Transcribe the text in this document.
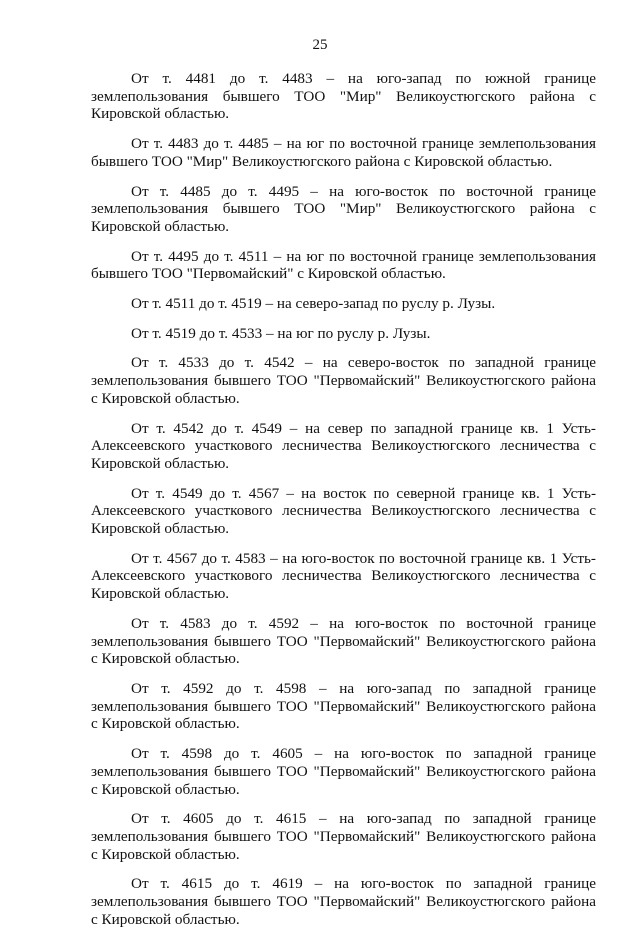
25

От т. 4481 до т. 4483 – на юго-запад по южной границе землепользования бывшего ТОО "Мир" Великоустюгского района с Кировской областью.

От т. 4483 до т. 4485 – на юг по восточной границе землепользования бывшего ТОО "Мир" Великоустюгского района с Кировской областью.

От т. 4485 до т. 4495 – на юго-восток по восточной границе землепользования бывшего ТОО "Мир" Великоустюгского района с Кировской областью.

От т. 4495 до т. 4511 – на юг по восточной границе землепользования бывшего ТОО "Первомайский" с Кировской областью.

От т. 4511 до т. 4519 – на северо-запад по руслу р. Лузы.

От т. 4519 до т. 4533 – на юг по руслу р. Лузы.

От т. 4533 до т. 4542 – на северо-восток по западной границе землепользования бывшего ТОО "Первомайский" Великоустюгского района с Кировской областью.

От т. 4542 до т. 4549 – на север по западной границе кв. 1 Усть-Алексеевского участкового лесничества Великоустюгского лесничества с Кировской областью.

От т. 4549 до т. 4567 – на восток по северной границе кв. 1 Усть-Алексеевского участкового лесничества Великоустюгского лесничества с Кировской областью.

От т. 4567 до т. 4583 – на юго-восток по восточной границе кв. 1 Усть-Алексеевского участкового лесничества Великоустюгского лесничества с Кировской областью.

От т. 4583 до т. 4592 – на юго-восток по восточной границе землепользования бывшего ТОО "Первомайский" Великоустюгского района с Кировской областью.

От т. 4592 до т. 4598 – на юго-запад по западной границе землепользования бывшего ТОО "Первомайский" Великоустюгского района с Кировской областью.

От т. 4598 до т. 4605 – на юго-восток по западной границе землепользования бывшего ТОО "Первомайский" Великоустюгского района с Кировской областью.

От т. 4605 до т. 4615 – на юго-запад по западной границе землепользования бывшего ТОО "Первомайский" Великоустюгского района с Кировской областью.

От т. 4615 до т. 4619 – на юго-восток по западной границе землепользования бывшего ТОО "Первомайский" Великоустюгского района с Кировской областью.
